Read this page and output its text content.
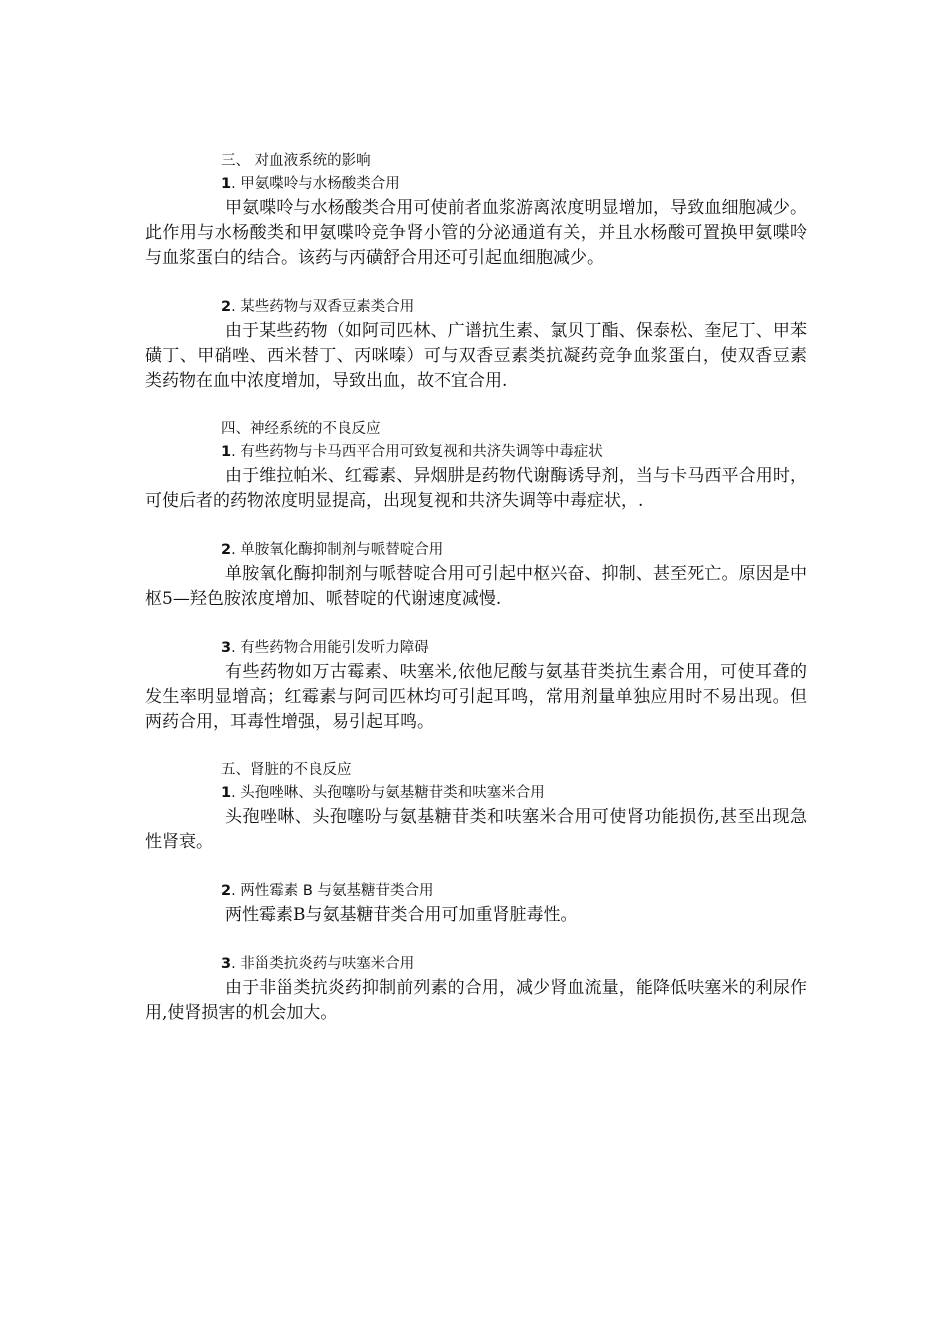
三、 对血液系统的影响
1. 甲氨喋呤与水杨酸类合用

甲氨喋呤与水杨酸类合用可使前者血浆游离浓度明显增加，导致血细胞减少。此作用与水杨酸类和甲氨喋呤竞争肾小管的分泌通道有关，并且水杨酸可置换甲氨喋呤与血浆蛋白的结合。该药与丙磺舒合用还可引起血细胞减少。

2. 某些药物与双香豆素类合用

由于某些药物（如阿司匹林、广谱抗生素、氯贝丁酯、保泰松、奎尼丁、甲苯磺丁、甲硝唑、西米替丁、丙咪嗪）可与双香豆素类抗凝药竞争血浆蛋白，使双香豆素类药物在血中浓度增加，导致出血，故不宜合用.

四、神经系统的不良反应
1. 有些药物与卡马西平合用可致复视和共济失调等中毒症状

由于维拉帕米、红霉素、异烟肼是药物代谢酶诱导剂，当与卡马西平合用时，可使后者的药物浓度明显提高，出现复视和共济失调等中毒症状，.

2. 单胺氧化酶抑制剂与哌替啶合用

单胺氧化酶抑制剂与哌替啶合用可引起中枢兴奋、抑制、甚至死亡。原因是中枢5—羟色胺浓度增加、哌替啶的代谢速度减慢.

3. 有些药物合用能引发听力障碍

有些药物如万古霉素、呋塞米,依他尼酸与氨基苷类抗生素合用，可使耳聋的发生率明显增高；红霉素与阿司匹林均可引起耳鸣，常用剂量单独应用时不易出现。但两药合用，耳毒性增强，易引起耳鸣。

五、肾脏的不良反应
1. 头孢唑啉、头孢噻吩与氨基糖苷类和呋塞米合用

头孢唑啉、头孢噻吩与氨基糖苷类和呋塞米合用可使肾功能损伤,甚至出现急性肾衰。

2. 两性霉素 B 与氨基糖苷类合用

两性霉素B与氨基糖苷类合用可加重肾脏毒性。

3. 非甾类抗炎药与呋塞米合用

由于非甾类抗炎药抑制前列素的合用，减少肾血流量，能降低呋塞米的利尿作用,使肾损害的机会加大。
